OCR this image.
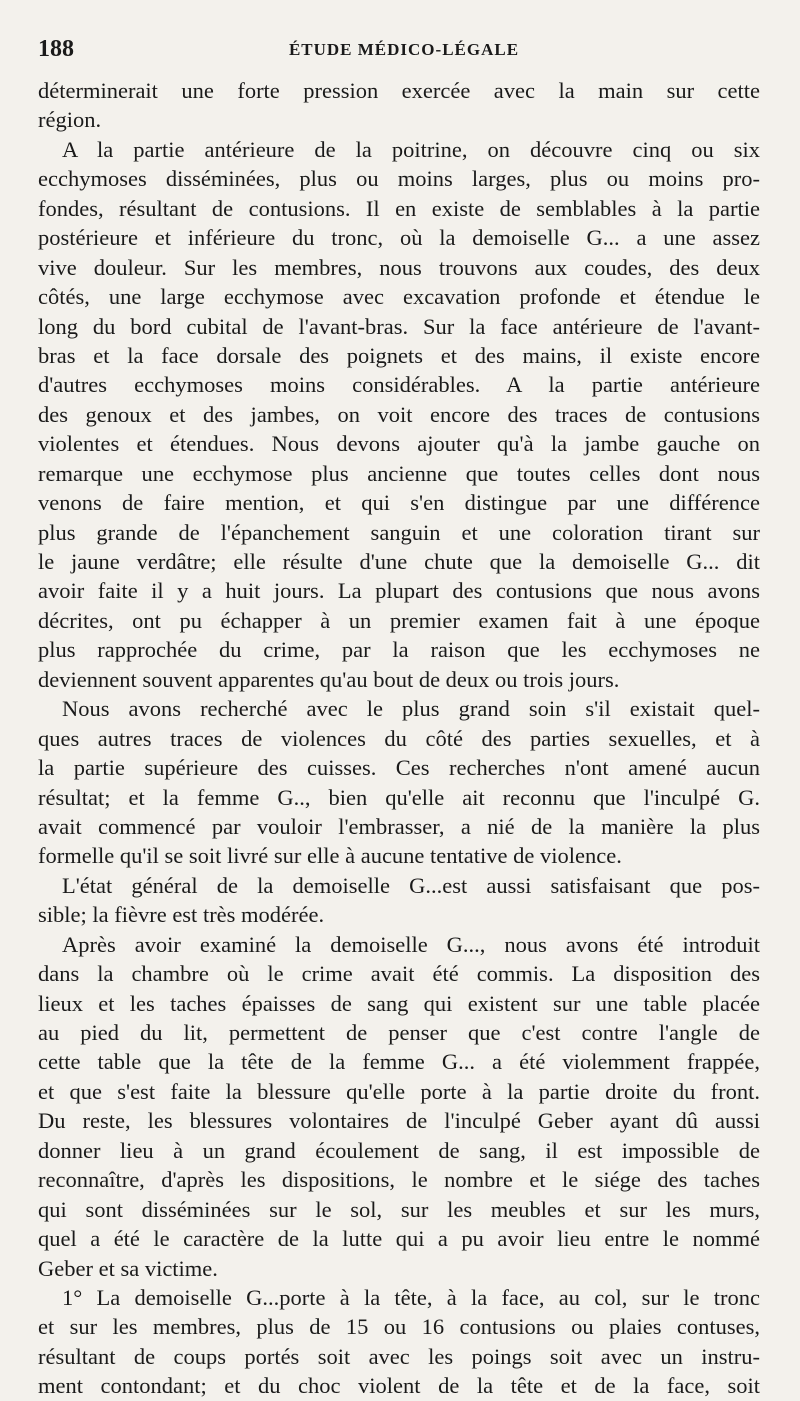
188	ÉTUDE MÉDICO-LÉGALE
déterminerait une forte pression exercée avec la main sur cette
région.
A la partie antérieure de la poitrine, on découvre cinq ou six
ecchymoses disséminées, plus ou moins larges, plus ou moins pro-
fondes, résultant de contusions. Il en existe de semblables à la partie
postérieure et inférieure du tronc, où la demoiselle G... a une assez
vive douleur. Sur les membres, nous trouvons aux coudes, des deux
côtés, une large ecchymose avec excavation profonde et étendue le
long du bord cubital de l'avant-bras. Sur la face antérieure de l'avant-
bras et la face dorsale des poignets et des mains, il existe encore
d'autres ecchymoses moins considérables. A la partie antérieure
des genoux et des jambes, on voit encore des traces de contusions
violentes et étendues. Nous devons ajouter qu'à la jambe gauche on
remarque une ecchymose plus ancienne que toutes celles dont nous
venons de faire mention, et qui s'en distingue par une différence
plus grande de l'épanchement sanguin et une coloration tirant sur
le jaune verdâtre; elle résulte d'une chute que la demoiselle G... dit
avoir faite il y a huit jours. La plupart des contusions que nous avons
décrites, ont pu échapper à un premier examen fait à une époque
plus rapprochée du crime, par la raison que les ecchymoses ne
deviennent souvent apparentes qu'au bout de deux ou trois jours.
Nous avons recherché avec le plus grand soin s'il existait quel-
ques autres traces de violences du côté des parties sexuelles, et à
la partie supérieure des cuisses. Ces recherches n'ont amené aucun
résultat; et la femme G.., bien qu'elle ait reconnu que l'inculpé G.
avait commencé par vouloir l'embrasser, a nié de la manière la plus
formelle qu'il se soit livré sur elle à aucune tentative de violence.
L'état général de la demoiselle G...est aussi satisfaisant que pos-
sible; la fièvre est très modérée.
Après avoir examiné la demoiselle G..., nous avons été introduit
dans la chambre où le crime avait été commis. La disposition des
lieux et les taches épaisses de sang qui existent sur une table placée
au pied du lit, permettent de penser que c'est contre l'angle de
cette table que la tête de la femme G... a été violemment frappée,
et que s'est faite la blessure qu'elle porte à la partie droite du front.
Du reste, les blessures volontaires de l'inculpé Geber ayant dû aussi
donner lieu à un grand écoulement de sang, il est impossible de
reconnaître, d'après les dispositions, le nombre et le siége des taches
qui sont disséminées sur le sol, sur les meubles et sur les murs,
quel a été le caractère de la lutte qui a pu avoir lieu entre le nommé
Geber et sa victime.
1° La demoiselle G...porte à la tête, à la face, au col, sur le tronc
et sur les membres, plus de 15 ou 16 contusions ou plaies contuses,
résultant de coups portés soit avec les poings soit avec un instru-
ment contondant; et du choc violent de la tête et de la face, soit
